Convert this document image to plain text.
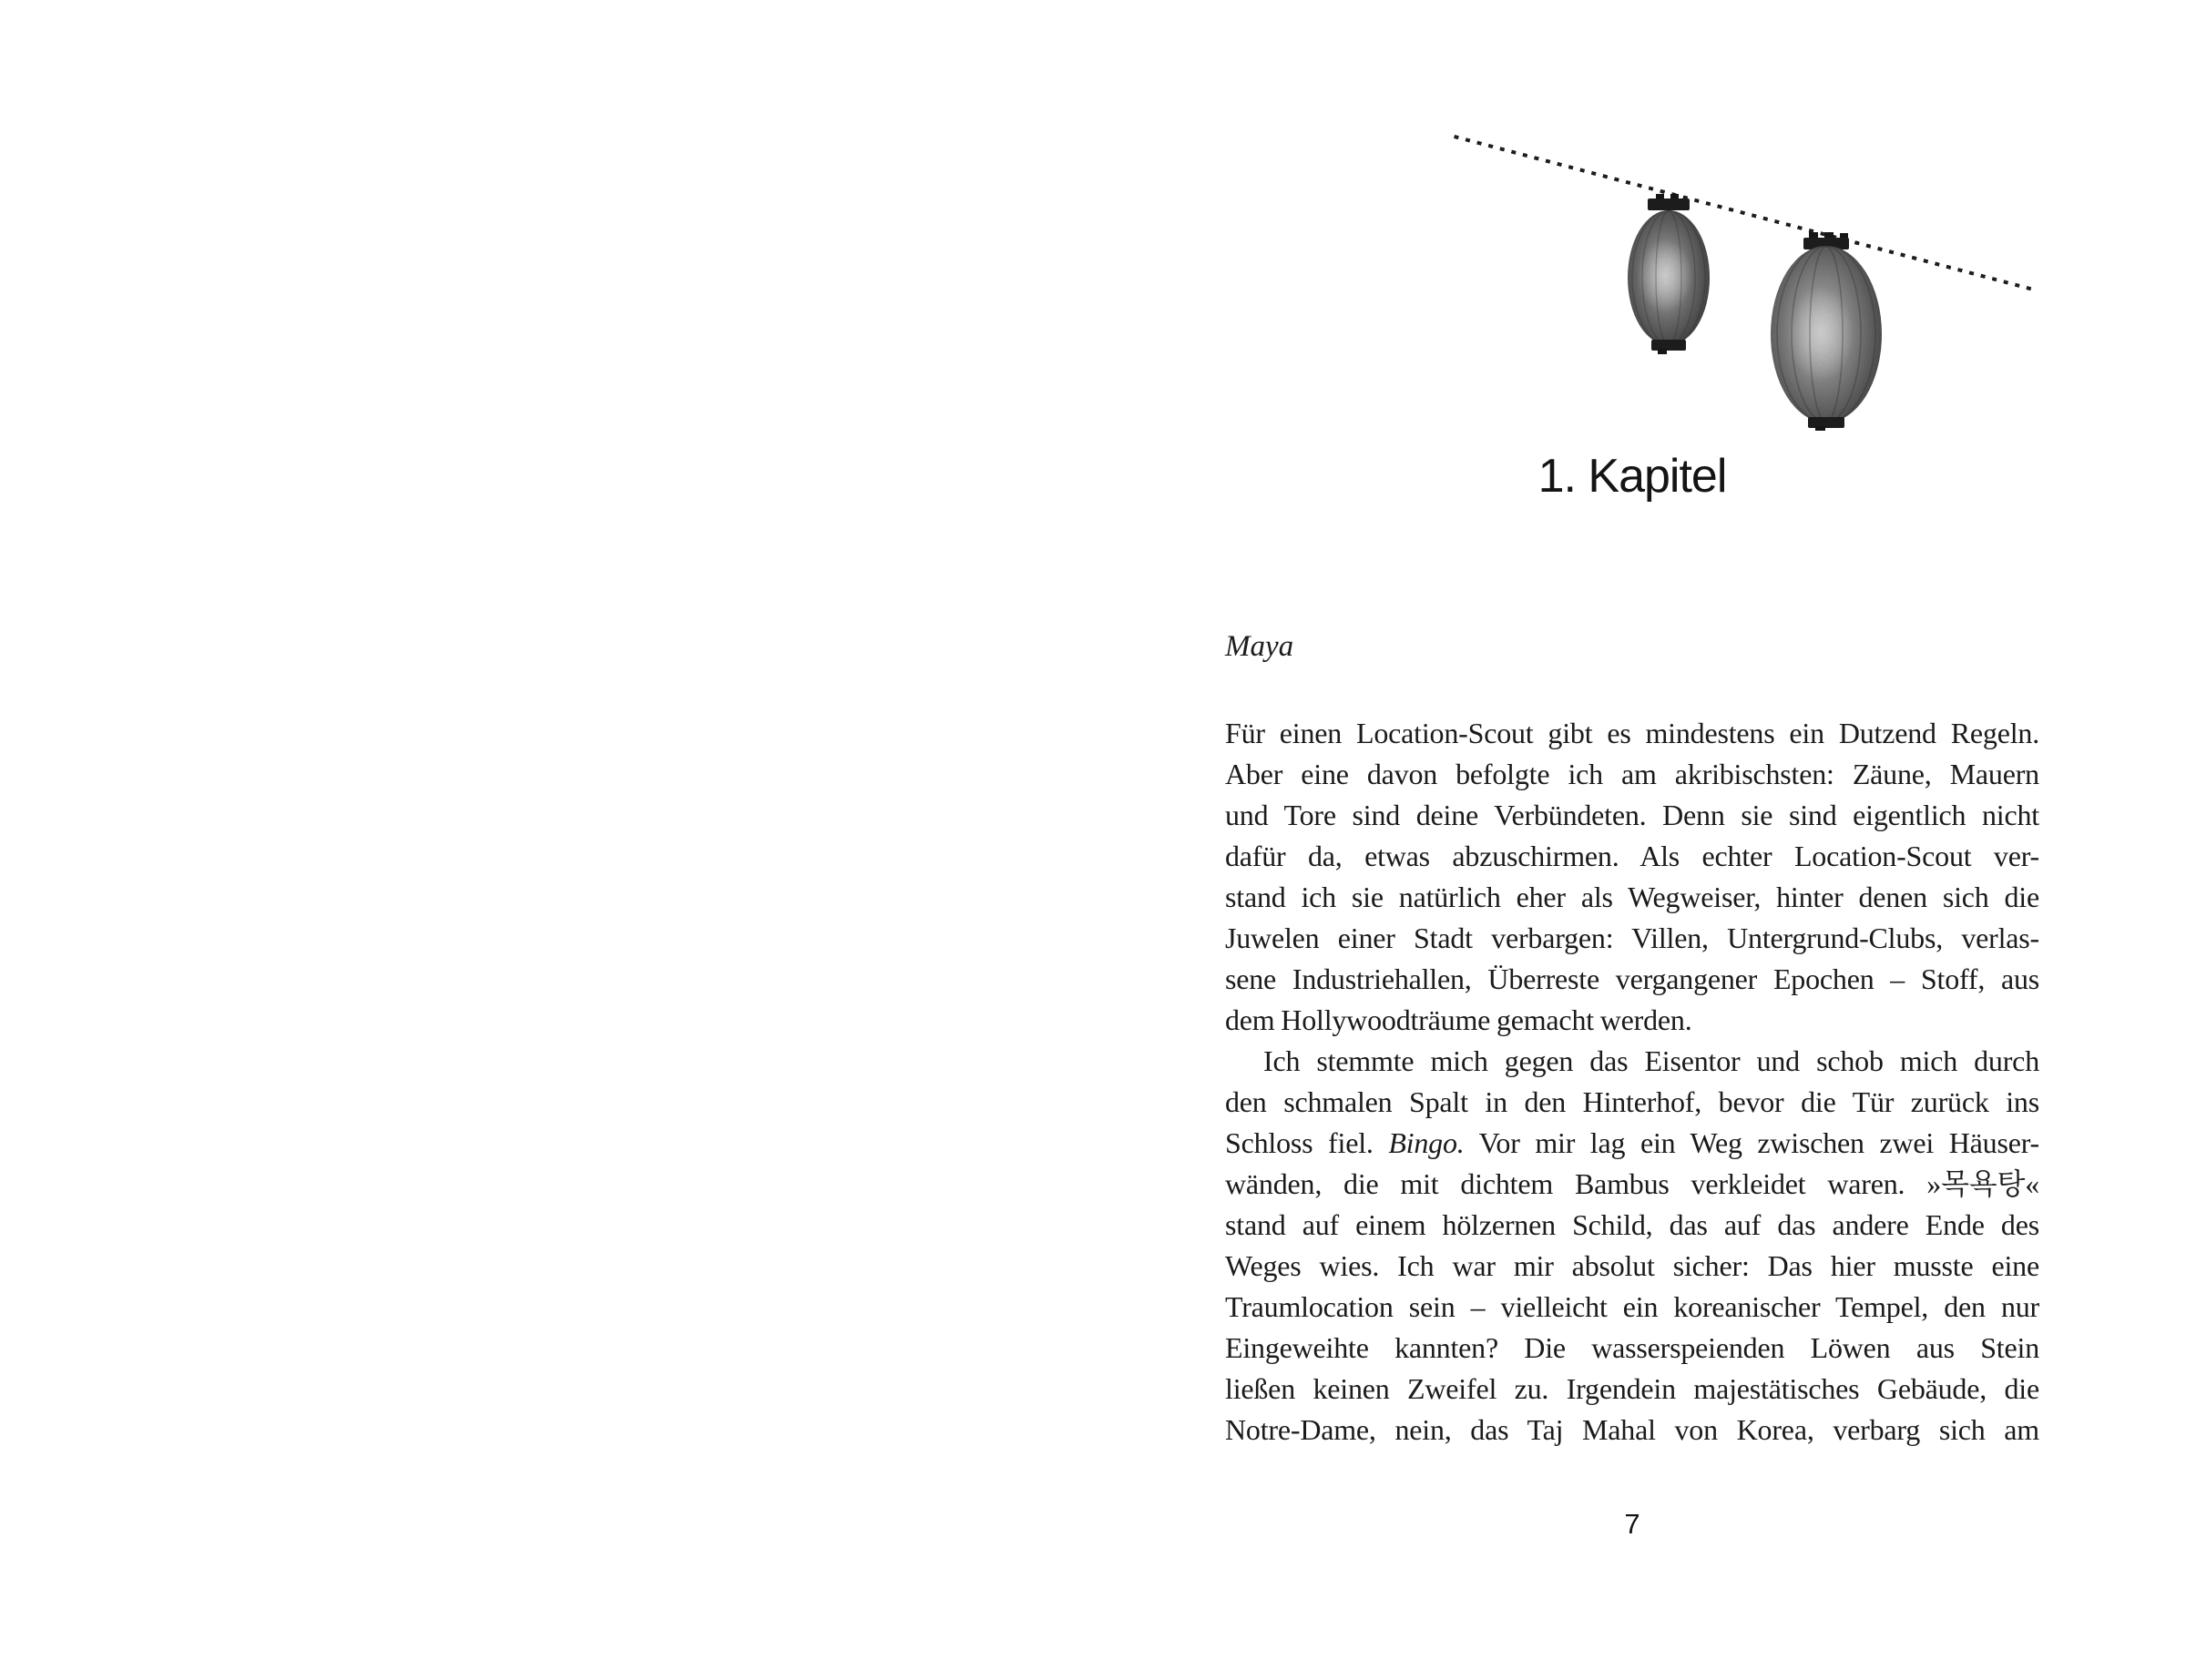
1. Kapitel
Maya
Für einen Location-Scout gibt es mindestens ein Dutzend Regeln.
Aber eine davon befolgte ich am akribischsten: Zäune, Mauern
und Tore sind deine Verbündeten. Denn sie sind eigentlich nicht
dafür da, etwas abzuschirmen. Als echter Location-Scout ver-
stand ich sie natürlich eher als Wegweiser, hinter denen sich die
Juwelen einer Stadt verbargen: Villen, Untergrund-Clubs, verlas-
sene Industriehallen, Überreste vergangener Epochen – Stoff, aus
dem Hollywoodträume gemacht werden.
Ich stemmte mich gegen das Eisentor und schob mich durch
den schmalen Spalt in den Hinterhof, bevor die Tür zurück ins
Schloss fiel. Bingo. Vor mir lag ein Weg zwischen zwei Häuser-
wänden, die mit dichtem Bambus verkleidet waren. »목욕탕«
stand auf einem hölzernen Schild, das auf das andere Ende des
Weges wies. Ich war mir absolut sicher: Das hier musste eine
Traumlocation sein – vielleicht ein koreanischer Tempel, den nur
Eingeweihte kannten? Die wasserspeienden Löwen aus Stein
ließen keinen Zweifel zu. Irgendein majestätisches Gebäude, die
Notre-Dame, nein, das Taj Mahal von Korea, verbarg sich am
7
